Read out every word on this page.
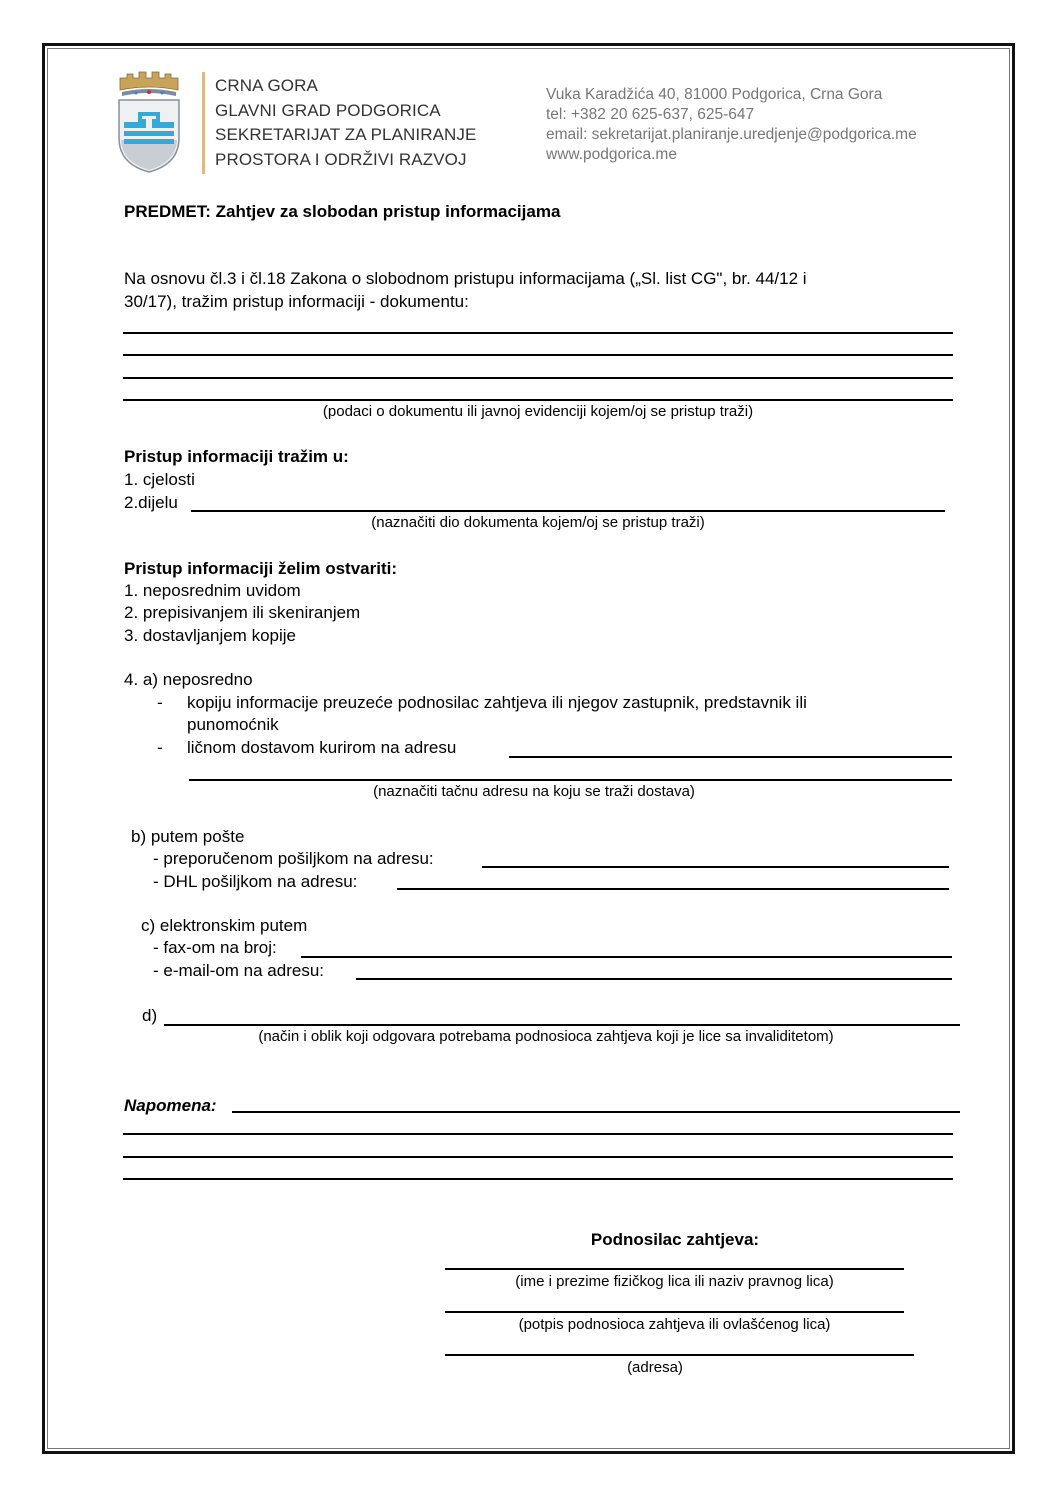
CRNA GORA
GLAVNI GRAD PODGORICA
SEKRETARIJAT ZA PLANIRANJE
PROSTORA I ODRŽIVI RAZVOJ
Vuka Karadžića 40, 81000 Podgorica, Crna Gora
tel: +382 20 625-637, 625-647
email: sekretarijat.planiranje.uredjenje@podgorica.me
www.podgorica.me
PREDMET: Zahtjev za slobodan pristup informacijama
Na osnovu čl.3 i čl.18 Zakona o slobodnom pristupu informacijama („Sl. list CG", br. 44/12 i
30/17), tražim pristup informaciji - dokumentu:
(podaci o dokumentu ili javnoj evidenciji kojem/oj se pristup traži)
Pristup informaciji tražim u:
1. cjelosti
2.dijelu
(naznačiti dio dokumenta kojem/oj se pristup traži)
Pristup informaciji želim ostvariti:
1. neposrednim uvidom
2. prepisivanjem ili skeniranjem
3. dostavljanjem kopije
4. a) neposredno
- kopiju informacije preuzeće podnosilac zahtjeva ili njegov zastupnik, predstavnik ili
punomoćnik
- ličnom dostavom kurirom na adresu
(naznačiti tačnu adresu na koju se traži dostava)
b) putem pošte
- preporučenom pošiljkom na adresu:
- DHL pošiljkom na adresu:
c) elektronskim putem
- fax-om na broj:
- e-mail-om na adresu:
d)
(način i oblik koji odgovara potrebama podnosioca zahtjeva koji je lice sa invaliditetom)
Napomena:
Podnosilac zahtjeva:
(ime i prezime fizičkog lica ili naziv pravnog lica)
(potpis podnosioca zahtjeva ili ovlašćenog lica)
(adresa)
